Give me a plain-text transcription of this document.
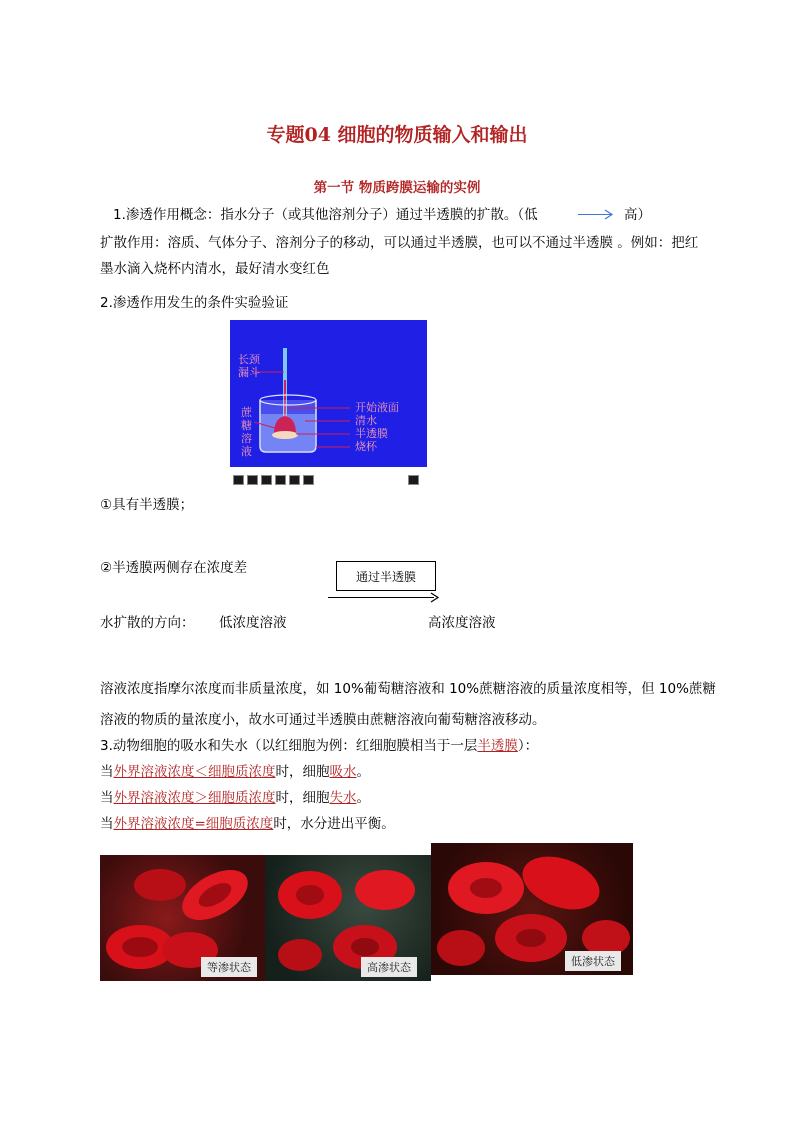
专题04 细胞的物质输入和输出
第一节 物质跨膜运输的实例
1.渗透作用概念：指水分子（或其他溶剂分子）通过半透膜的扩散。（低	高）
扩散作用：溶质、气体分子、溶剂分子的移动，可以通过半透膜，也可以不通过半透膜 。例如：把红
墨水滴入烧杯内清水，最好清水变红色
2.渗透作用发生的条件实验验证
长颈
漏斗
蔗
糖
溶
液
开始液面
清水
半透膜
烧杯
①具有半透膜；
②半透膜两侧存在浓度差
通过半透膜
水扩散的方向： 低浓度溶液	高浓度溶液
溶液浓度指摩尔浓度而非质量浓度，如 10%葡萄糖溶液和 10%蔗糖溶液的质量浓度相等，但 10%蔗糖
溶液的物质的量浓度小，故水可通过半透膜由蔗糖溶液向葡萄糖溶液移动。
3.动物细胞的吸水和失水（以红细胞为例：红细胞膜相当于一层半透膜）：
当外界溶液浓度＜细胞质浓度时，细胞吸水。
当外界溶液浓度＞细胞质浓度时，细胞失水。
当外界溶液浓度=细胞质浓度时，水分进出平衡。
等渗状态	高渗状态	低渗状态
